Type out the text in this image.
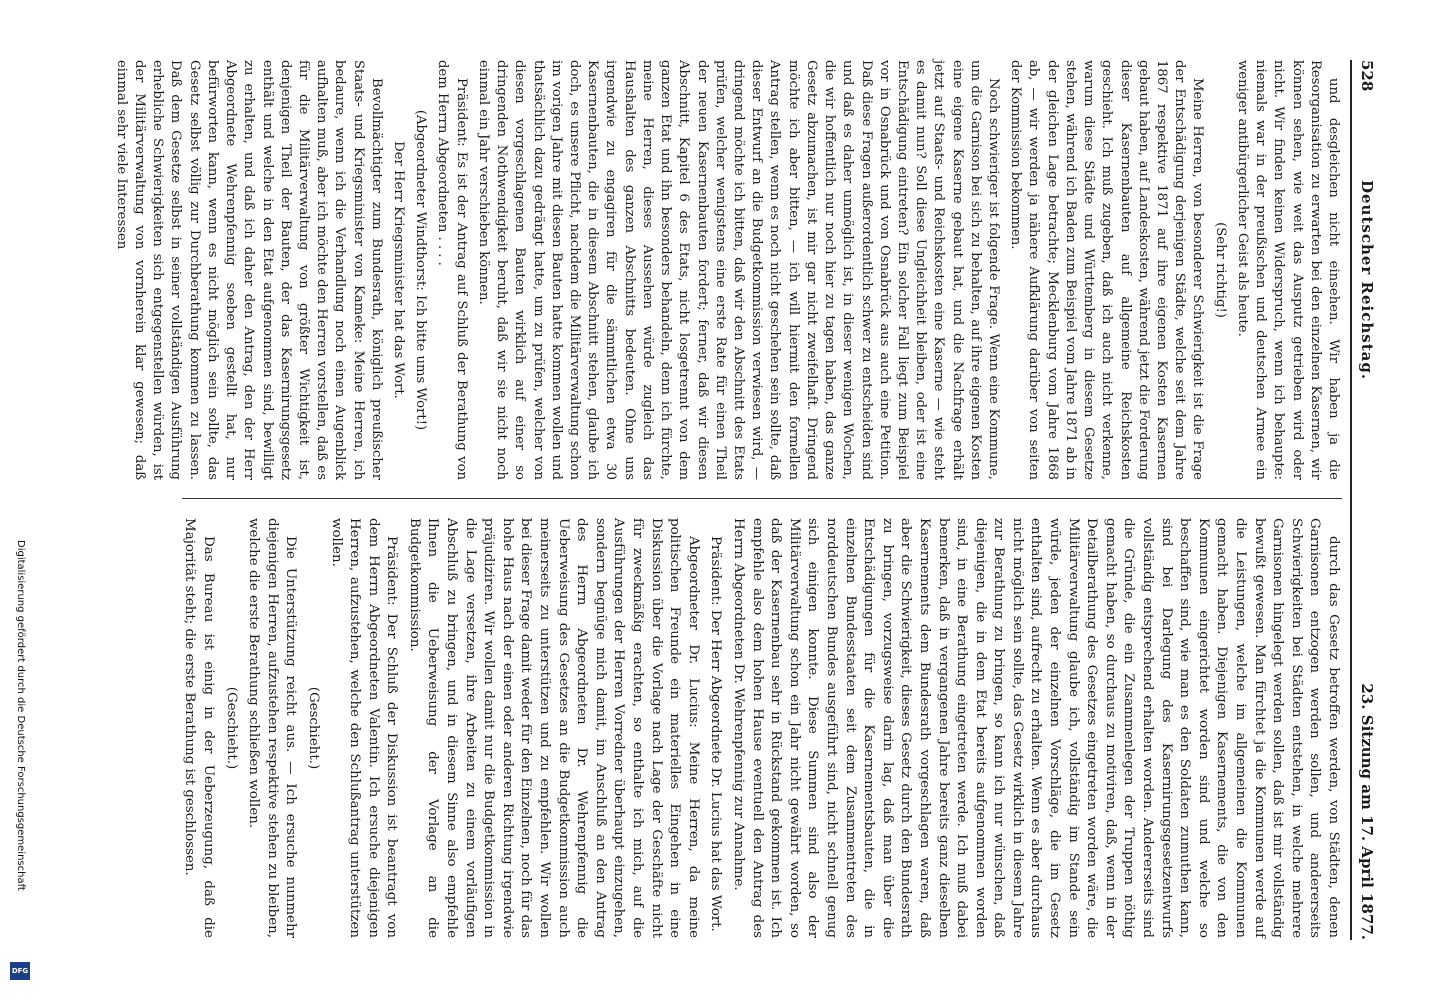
528
Deutscher Reichstag.
23. Sitzung am 17. April 1877.

und desgleichen nicht einsehen. Wir haben ja die Resorganisation zu erwarten bei den einzelnen Kasernen, wir können sehen, wie weit das Ausputz getrieben wird oder nicht. Wir finden keinen Widerspruch, wenn ich behaupte: niemals war in der preußischen und deutschen Armee ein weniger antibürgerlicher Geist als heute.

(Sehr richtig!)

Meine Herren, von besonderer Schwierigkeit ist die Frage der Entschädigung derjenigen Städte, welche seit dem Jahre 1867 respektive 1871 auf ihre eigenen Kosten Kasernen gebaut haben, auf Landeskosten, während jetzt die Forderung dieser Kasernenbauten auf allgemeine Reichskosten geschieht. Ich muß zugeben, daß ich auch nicht verkenne, warum diese Städte und Württemberg in diesem Gesetze stehen, während ich Baden zum Beispiel vom Jahre 1871 ab in der gleichen Lage betrachte; Mecklenburg vom Jahre 1868 ab, — wir werden ja nähere Aufklärung darüber von seiten der Kommission bekommen.

Noch schwieriger ist folgende Frage. Wenn eine Kommune, um die Garnison bei sich zu behalten, auf ihre eigenen Kosten eine eigene Kaserne gebaut hat, und die Nachfrage erhält jetzt auf Staats- und Reichskosten eine Kaserne — wie steht es damit nun? Soll diese Ungleichheit bleiben, oder ist eine Entschädigung eintreten? Ein solcher Fall liegt zum Beispiel vor in Osnabrück und von Osnabrück aus auch eine Petition. Daß diese Fragen außerordentlich schwer zu entscheiden sind und daß es daher unmöglich ist, in dieser wenigen Wochen, die wir hoffentlich nur noch hier zu tagen haben, das ganze Gesetz abzumachen, ist mir gar nicht zweifelhaft. Dringend möchte ich aber bitten, — ich will hiermit den formellen Antrag stellen, wenn es noch nicht geschehen sein sollte, daß dieser Entwurf an die Budgetkommission verwiesen wird, — dringend möchte ich bitten, daß wir den Abschnitt des Etats prüfen, welcher wenigstens eine erste Rate für einen Theil der neuen Kasernenbauten fordert; ferner, daß wir diesen Abschnitt, Kapitel 6 des Etats, nicht losgetrennt von dem ganzen Etat und ihn besonders behandeln, denn ich fürchte, meine Herren, dieses Aussehen würde zugleich das Haushalten des ganzen Abschnitts bedeuten. Ohne uns irgendwie zu engagiren für die sämmtlichen etwa 30 Kasernenbauten, die in diesem Abschnitt stehen, glaube ich doch, es unsere Pflicht, nachdem die Militärverwaltung schon im vorigen Jahre mit diesen Bauten hatte kommen wollen und thatsächlich dazu gedrängt hatte, um zu prüfen, welcher von diesen vorgeschlagenen Bauten wirklich auf einer so dringenden Nothwendigkeit beruht, daß wir sie nicht noch einmal ein Jahr verschieben können.

Präsident: Es ist der Antrag auf Schluß der Berathung von dem Herrn Abgeordneten . . . .

(Abgeordneter Windthorst: Ich bitte ums Wort!)

Der Herr Kriegsminister hat das Wort.

Bevollmächtigter zum Bundesrath, königlich preußischer Staats- und Kriegsminister von Kameke: Meine Herren, ich bedaure, wenn ich die Verhandlung noch einen Augenblick aufhalten muß, aber ich möchte den Herren vorstellen, daß es für die Militärverwaltung von größter Wichtigkeit ist, denjenigen Theil der Bauten, der das Kasernirungsgesetz enthält und welche in den Etat aufgenommen sind, bewilligt zu erhalten, und daß ich daher den Antrag, den der Herr Abgeordnete Wehrenpfennig soeben gestellt hat, nur befürworten kann, wenn es nicht möglich sein sollte, das Gesetz selbst völlig zur Durchberathung kommen zu lassen. Daß dem Gesetze selbst in seiner vollständigen Ausführung erhebliche Schwierigkeiten sich entgegenstellen würden, ist der Militärverwaltung von vornherein klar gewesen; daß einmal sehr viele Interessen

durch das Gesetz betroffen werden, von Städten, denen Garnisonen entzogen werden sollen, und andererseits Schwierigkeiten bei Städten entstehen, in welche mehrere Garnisonen hingelegt werden sollen, daß ist mir vollständig bewußt gewesen. Man fürchtet ja die Kommunen werde auf die Leistungen, welche im allgemeinen die Kommunen gemacht haben. Diejenigen Kasernements, die von den Kommunen eingerichtet worden sind und welche so beschaffen sind, wie man es den Soldaten zumuthen kann, sind bei Darlegung des Kasernirungsgesetzentwurfs vollständig entsprechend erhalten worden. Andererseits sind die Gründe, die ein Zusammenlegen der Truppen nöthig gemacht haben, so durchaus zu motiviren, daß, wenn in der Detailberathung des Gesetzes eingetreten worden wäre, die Militärverwaltung glaube ich, vollständig im Stande sein würde, jeden der einzelnen Vorschläge, die im Gesetz enthalten sind, aufrecht zu erhalten. Wenn es aber durchaus nicht möglich sein sollte, das Gesetz wirklich in diesem Jahre zur Berathung zu bringen, so kann ich nur wünschen, daß diejenigen, die in dem Etat bereits aufgenommen worden sind, in eine Berathung eingetreten werde. Ich muß dabei bemerken, daß in vergangenen Jahre bereits ganz dieselben Kasernements dem Bundesrath vorgeschlagen waren, daß aber die Schwierigkeit, dieses Gesetz durch den Bundesrath zu bringen, vorzugsweise darin lag, daß man über die Entschädigungen für die Kasernementsbauten, die in einzelnen Bundesstaaten seit dem Zusammentreten des norddeutschen Bundes ausgeführt sind, nicht schnell genug sich einigen konnte. Diese Summen sind also der Militärverwaltung schon ein Jahr nicht gewährt worden, so daß der Kasernenbau sehr in Rückstand gekommen ist. Ich empfehle also dem hohen Hause eventuell den Antrag des Herrn Abgeordneten Dr. Wehrenpfennig zur Annahme.

Präsident: Der Herr Abgeordnete Dr. Lucius hat das Wort.

Abgeordneter Dr. Lucius: Meine Herren, da meine politischen Freunde ein materielles Eingehen in eine Diskussion über die Vorlage nach Lage der Geschäfte nicht für zweckmäßig erachten, so enthalte ich mich, auf die Ausführungen der Herren Vorredner überhaupt einzugehen, sondern begnüge mich damit, im Anschluß an den Antrag des Herrn Abgeordneten Dr. Wehrenpfennig die Ueberweisung des Gesetzes an die Budgetkommission auch meinerseits zu unterstützen und zu empfehlen. Wir wollen bei dieser Frage damit weder für den Einzelnen, noch für das hohe Haus nach der einen oder anderen Richtung irgendwie präjudiziren. Wir wollen damit nur die Budgetkommission in die Lage versetzen, ihre Arbeiten zu einem vorläufigen Abschluß zu bringen, und in diesem Sinne also empfehle Ihnen die Ueberweisung der Vorlage an die Budgetkommission.

Präsident: Der Schluß der Diskussion ist beantragt von dem Herrn Abgeordneten Valentin. Ich ersuche diejenigen Herren, aufzustehen, welche den Schlußantrag unterstützen wollen.

(Geschieht.)

Die Unterstützung reicht aus. — Ich ersuche nunmehr diejenigen Herren, aufzustehen respektive stehen zu bleiben, welche die erste Berathung schließen wollen.

(Geschieht.)

Das Bureau ist einig in der Ueberzeugung, daß die Majorität steht; die erste Berathung ist geschlossen.

DFG
Digitalisierung gefördert durch die Deutsche Forschungsgemeinschaft
